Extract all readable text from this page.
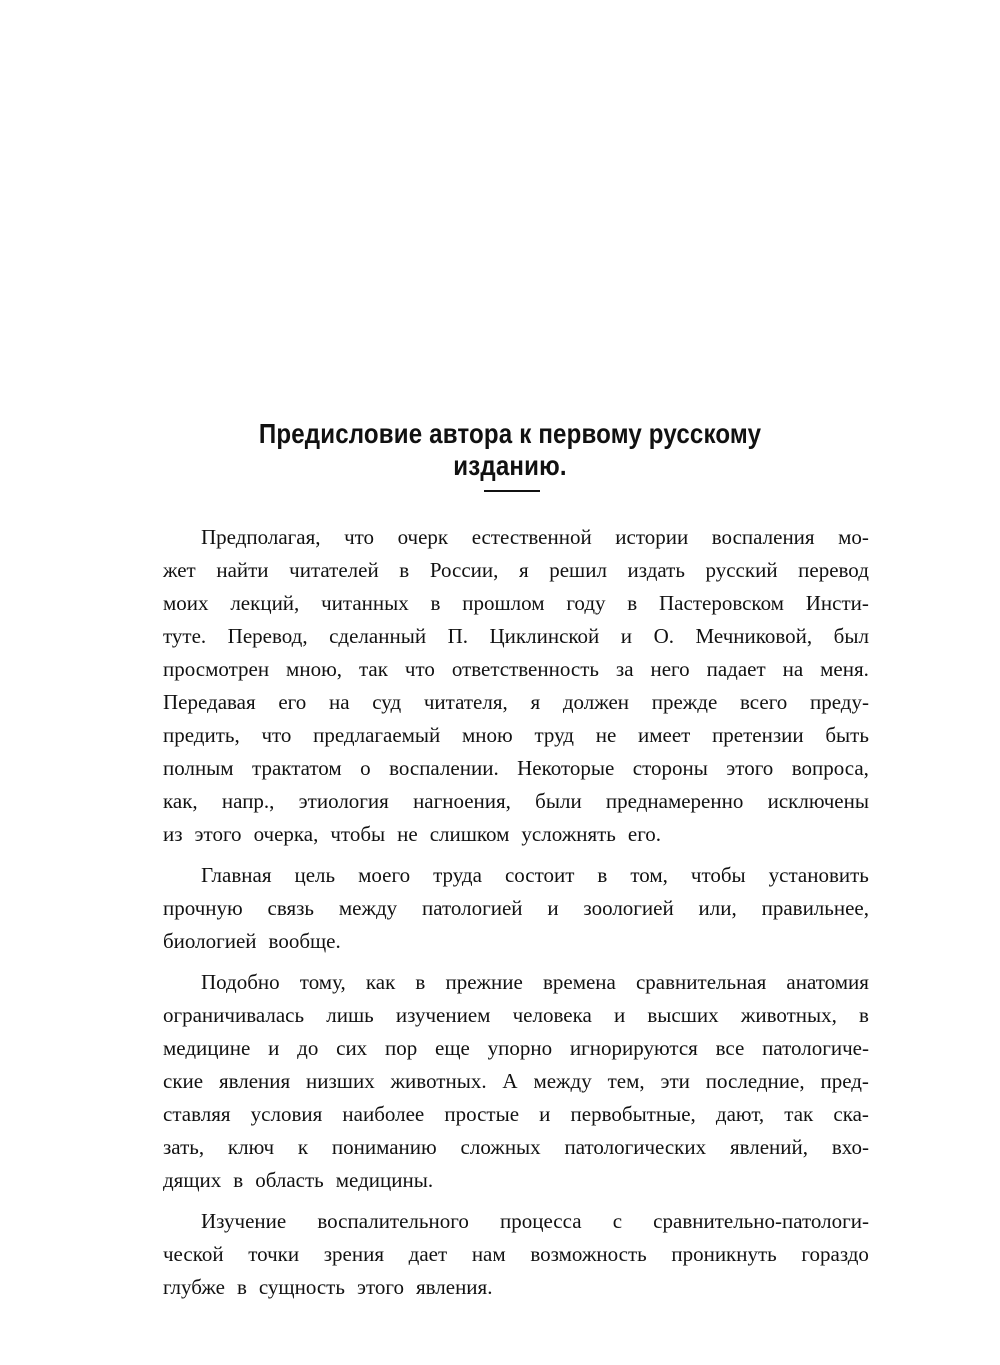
Предисловие автора к первому русскому изданию.
Предполагая, что очерк естественной истории воспаления мо-
жет найти читателей в России, я решил издать русский перевод
моих лекций, читанных в прошлом году в Пастеровском Инсти-
туте. Перевод, сделанный П. Циклинской и О. Мечниковой, был
просмотрен мною, так что ответственность за него падает на меня.
Передавая его на суд читателя, я должен прежде всего преду-
предить, что предлагаемый мною труд не имеет претензии быть
полным трактатом о воспалении. Некоторые стороны этого вопроса,
как, напр., этиология нагноения, были преднамеренно исключены
из этого очерка, чтобы не слишком усложнять его.
Главная цель моего труда состоит в том, чтобы установить
прочную связь между патологией и зоологией или, правильнее,
биологией вообще.
Подобно тому, как в прежние времена сравнительная анатомия
ограничивалась лишь изучением человека и высших животных, в
медицине и до сих пор еще упорно игнорируются все патологиче-
ские явления низших животных. А между тем, эти последние, пред-
ставляя условия наиболее простые и первобытные, дают, так ска-
зать, ключ к пониманию сложных патологических явлений, вхо-
дящих в область медицины.
Изучение воспалительного процесса с сравнительно-патологи-
ческой точки зрения дает нам возможность проникнуть гораздо
глубже в сущность этого явления.
